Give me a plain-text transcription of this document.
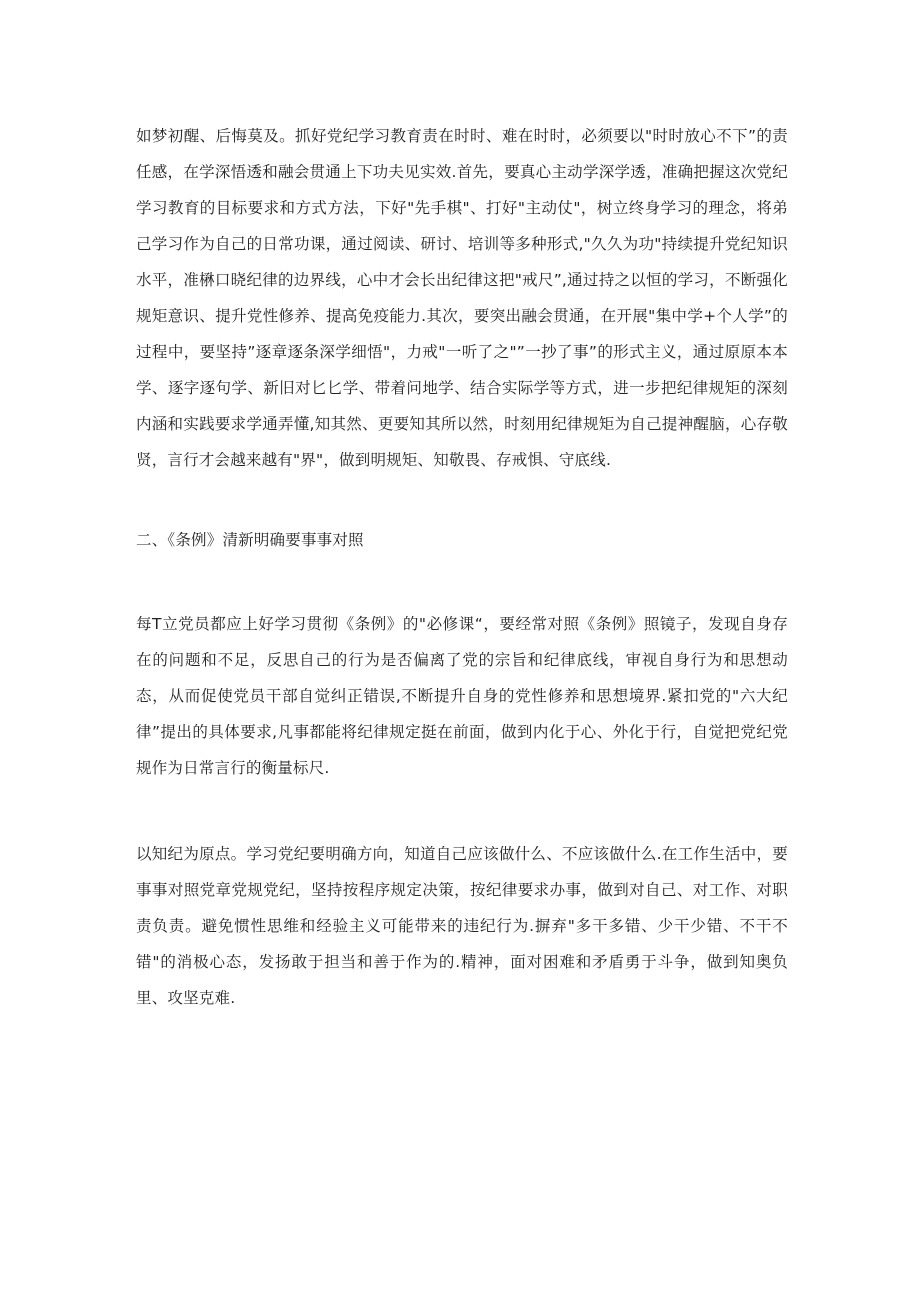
如梦初醒、后悔莫及。抓好党纪学习教育责在时时、难在时时，必须要以"时时放心不下”的责任感，在学深悟透和融会贯通上下功夫见实效.首先，要真心主动学深学透，准确把握这次党纪学习教育的目标要求和方式方法，下好"先手棋"、打好"主动仗"，树立终身学习的理念，将弟己学习作为自己的日常功课，通过阅读、研讨、培训等多种形式,"久久为功"持续提升党纪知识水平，准楙口晓纪律的边界线，心中才会长出纪律这把"戒尺”,通过持之以恒的学习，不断强化规矩意识、提升党性修养、提高免疫能力.其次，要突出融会贯通，在开展"集中学+个人学”的过程中，要坚持”逐章逐条深学细悟"，力戒"一听了之"”一抄了事”的形式主义，通过原原本本学、逐字逐句学、新旧对匕匕学、带着问地学、结合实际学等方式，进一步把纪律规矩的深刻内涵和实践要求学通弄懂,知其然、更要知其所以然，时刻用纪律规矩为自己提神醒脑，心存敬贤，言行才会越来越有"界"，做到明规矩、知敬畏、存戒惧、守底线.

二、《条例》清新明确要事事对照

每T立党员都应上好学习贯彻《条例》的"必修课“，要经常对照《条例》照镜子，发现自身存在的问题和不足，反思自己的行为是否偏离了党的宗旨和纪律底线，审视自身行为和思想动态，从而促使党员干部自觉纠正错误,不断提升自身的党性修养和思想境界.紧扣党的"六大纪律”提出的具体要求,凡事都能将纪律规定挺在前面，做到内化于心、外化于行，自觉把党纪党规作为日常言行的衡量标尺.

以知纪为原点。学习党纪要明确方向，知道自己应该做什么、不应该做什么.在工作生活中，要事事对照党章党规党纪，坚持按程序规定决策，按纪律要求办事，做到对自己、对工作、对职责负责。避免惯性思维和经验主义可能带来的违纪行为.摒弃"多干多错、少干少错、不干不错"的消极心态，发扬敢于担当和善于作为的.精神，面对困难和矛盾勇于斗争，做到知奥负里、攻坚克难.
